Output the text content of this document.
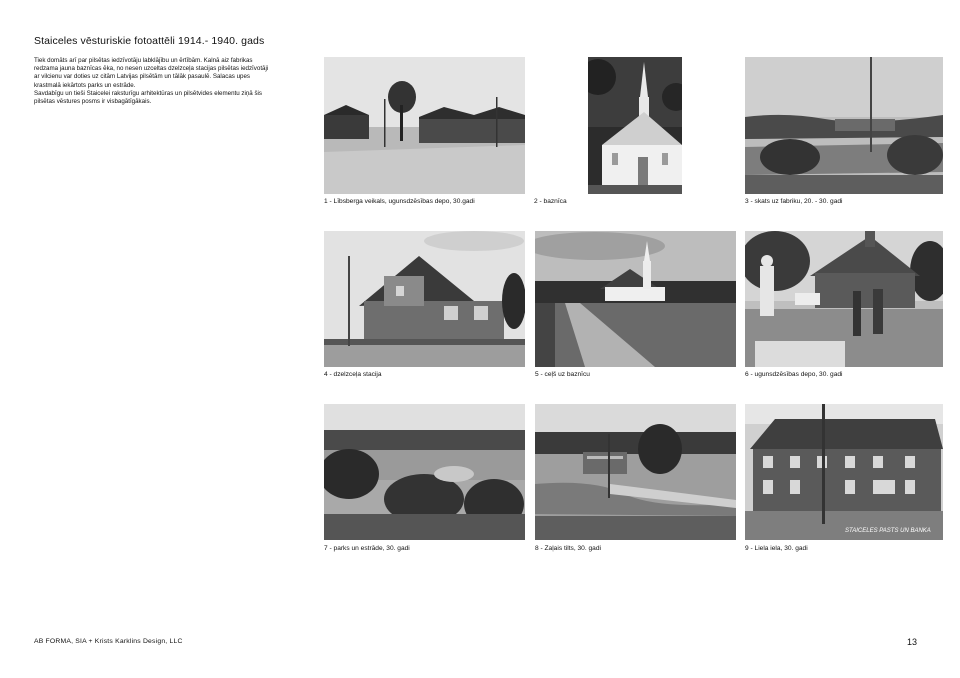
Staiceles vēsturiskie fotoattēli 1914.- 1940. gads

Tiek domāts arī par pilsētas iedzīvotāju labklājību un ērtībām. Kalnā aiz fabrikas redzama jauna baznīcas ēka, no nesen uzceltas dzelzceļa stacijas pilsētas iedzīvotāji ar vilcienu var doties uz citām Latvijas pilsētām un tālāk pasaulē. Salacas upes krastmalā iekārtots parks un estrāde.

Savdabīgu un tieši Staicelei raksturīgu arhitektūras un pilsētvides elementu ziņā šis pilsētas vēstures posms ir visbagātīgākais.

1 - Lībsberga veikals, ugunsdzēsības depo, 30.gadi	2 - baznīca	3 - skats uz fabriku, 20. - 30. gadi
4 - dzelzceļa stacija	5 - ceļš uz baznīcu	6 - ugunsdzēsības depo, 30. gadi
7 - parks un estrāde, 30. gadi	8 - Zaļais tilts, 30. gadi
STAICELES PASTS UN BANKA
9 - Liela iela, 30. gadi
AB FORMA, SIA + Krists Karklins Design, LLC	13
